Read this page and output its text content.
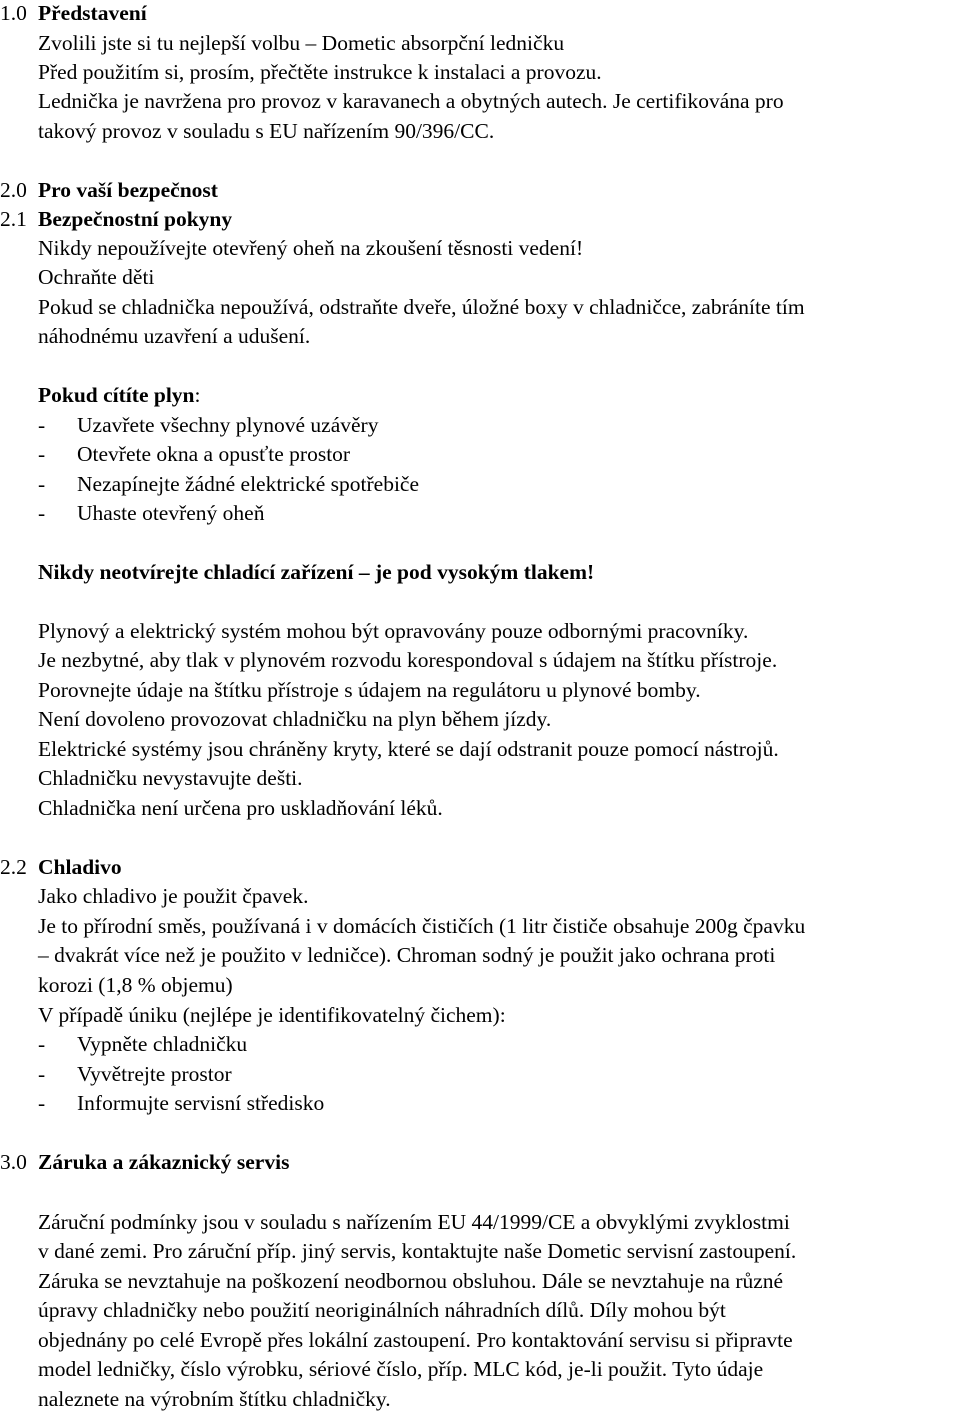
1.0 Představení
Zvolili jste si tu nejlepší volbu – Dometic absorpční ledničku
Před použitím si, prosím, přečtěte instrukce k instalaci a provozu.
Lednička je navržena pro provoz v karavanech a obytných autech. Je certifikována pro
takový provoz v souladu s EU nařízením 90/396/CC.
2.0 Pro vaší bezpečnost
2.1 Bezpečnostní pokyny
Nikdy nepoužívejte otevřený oheň na zkoušení těsnosti vedení!
Ochraňte děti
Pokud se chladnička nepoužívá, odstraňte dveře, úložné boxy v chladničce, zabráníte tím
náhodnému uzavření a udušení.
Pokud cítíte plyn:
- Uzavřete všechny plynové uzávěry
- Otevřete okna a opusťte prostor
- Nezapínejte žádné elektrické spotřebiče
- Uhaste otevřený oheň
Nikdy neotvírejte chladící zařízení – je pod vysokým tlakem!
Plynový a elektrický systém mohou být opravovány pouze odbornými pracovníky.
Je nezbytné, aby tlak v plynovém rozvodu korespondoval s údajem na štítku přístroje.
Porovnejte údaje na štítku přístroje s údajem na regulátoru u plynové bomby.
Není dovoleno provozovat chladničku na plyn během jízdy.
Elektrické systémy jsou chráněny kryty, které se dají odstranit pouze pomocí nástrojů.
Chladničku nevystavujte dešti.
Chladnička není určena pro uskladňování léků.
2.2 Chladivo
Jako chladivo je použit čpavek.
Je to přírodní směs, používaná i v domácích čističích (1 litr čističe obsahuje 200g čpavku
– dvakrát více než je použito v ledničce). Chroman sodný je použit jako ochrana proti
korozi (1,8 % objemu)
V případě úniku (nejlépe je identifikovatelný čichem):
- Vypněte chladničku
- Vyvětrejte prostor
- Informujte servisní středisko
3.0 Záruka a zákaznický servis
Záruční podmínky jsou v souladu s nařízením EU 44/1999/CE a obvyklými zvyklostmi
v dané zemi. Pro záruční příp. jiný servis, kontaktujte naše Dometic servisní zastoupení.
Záruka se nevztahuje na poškození neodbornou obsluhou. Dále se nevztahuje na různé
úpravy chladničky nebo použití neoriginálních náhradních dílů. Díly mohou být
objednány po celé Evropě přes lokální zastoupení. Pro kontaktování servisu si připravte
model ledničky, číslo výrobku, sériové číslo, příp. MLC kód, je-li použit. Tyto údaje
naleznete na výrobním štítku chladničky.
